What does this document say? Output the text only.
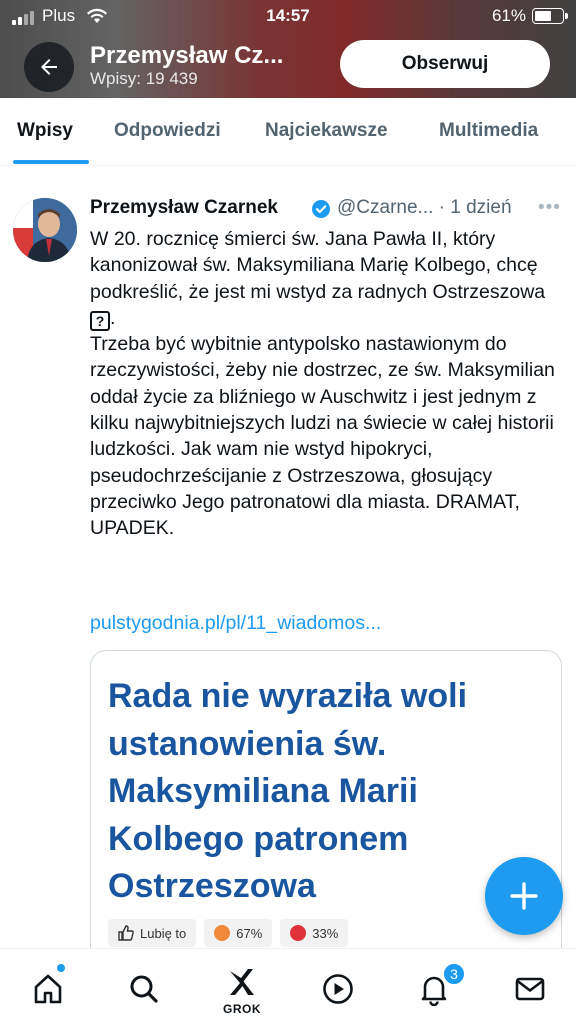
Plus	14:57	61%
Przemysław Cz...
Wpisy: 19 439
Obserwuj
Wpisy Odpowiedzi Najciekawsze	Multimedia
Przemysław Czarnek	@Czarne... · 1 dzień •••
W 20. rocznicę śmierci św. Jana Pawła II, który kanonizował św. Maksymiliana Marię Kolbego, chcę podkreślić, że jest mi wstyd za radnych Ostrzeszowa ? .
Trzeba być wybitnie antypolsko nastawionym do rzeczywistości, żeby nie dostrzec, ze św. Maksymilian oddał życie za bliźniego w Auschwitz i jest jednym z kilku najwybitniejszych ludzi na świecie w całej historii ludzkości. Jak wam nie wstyd hipokryci, pseudochrześcijanie z Ostrzeszowa, głosujący przeciwko Jego patronatowi dla miasta. DRAMAT, UPADEK.
pulstygodnia.pl/pl/11_wiadomos...
Rada nie wyraziła woli ustanowienia św. Maksymiliana Marii Kolbego patronem Ostrzeszowa
Lubię to	67%	33%
GROK
3
